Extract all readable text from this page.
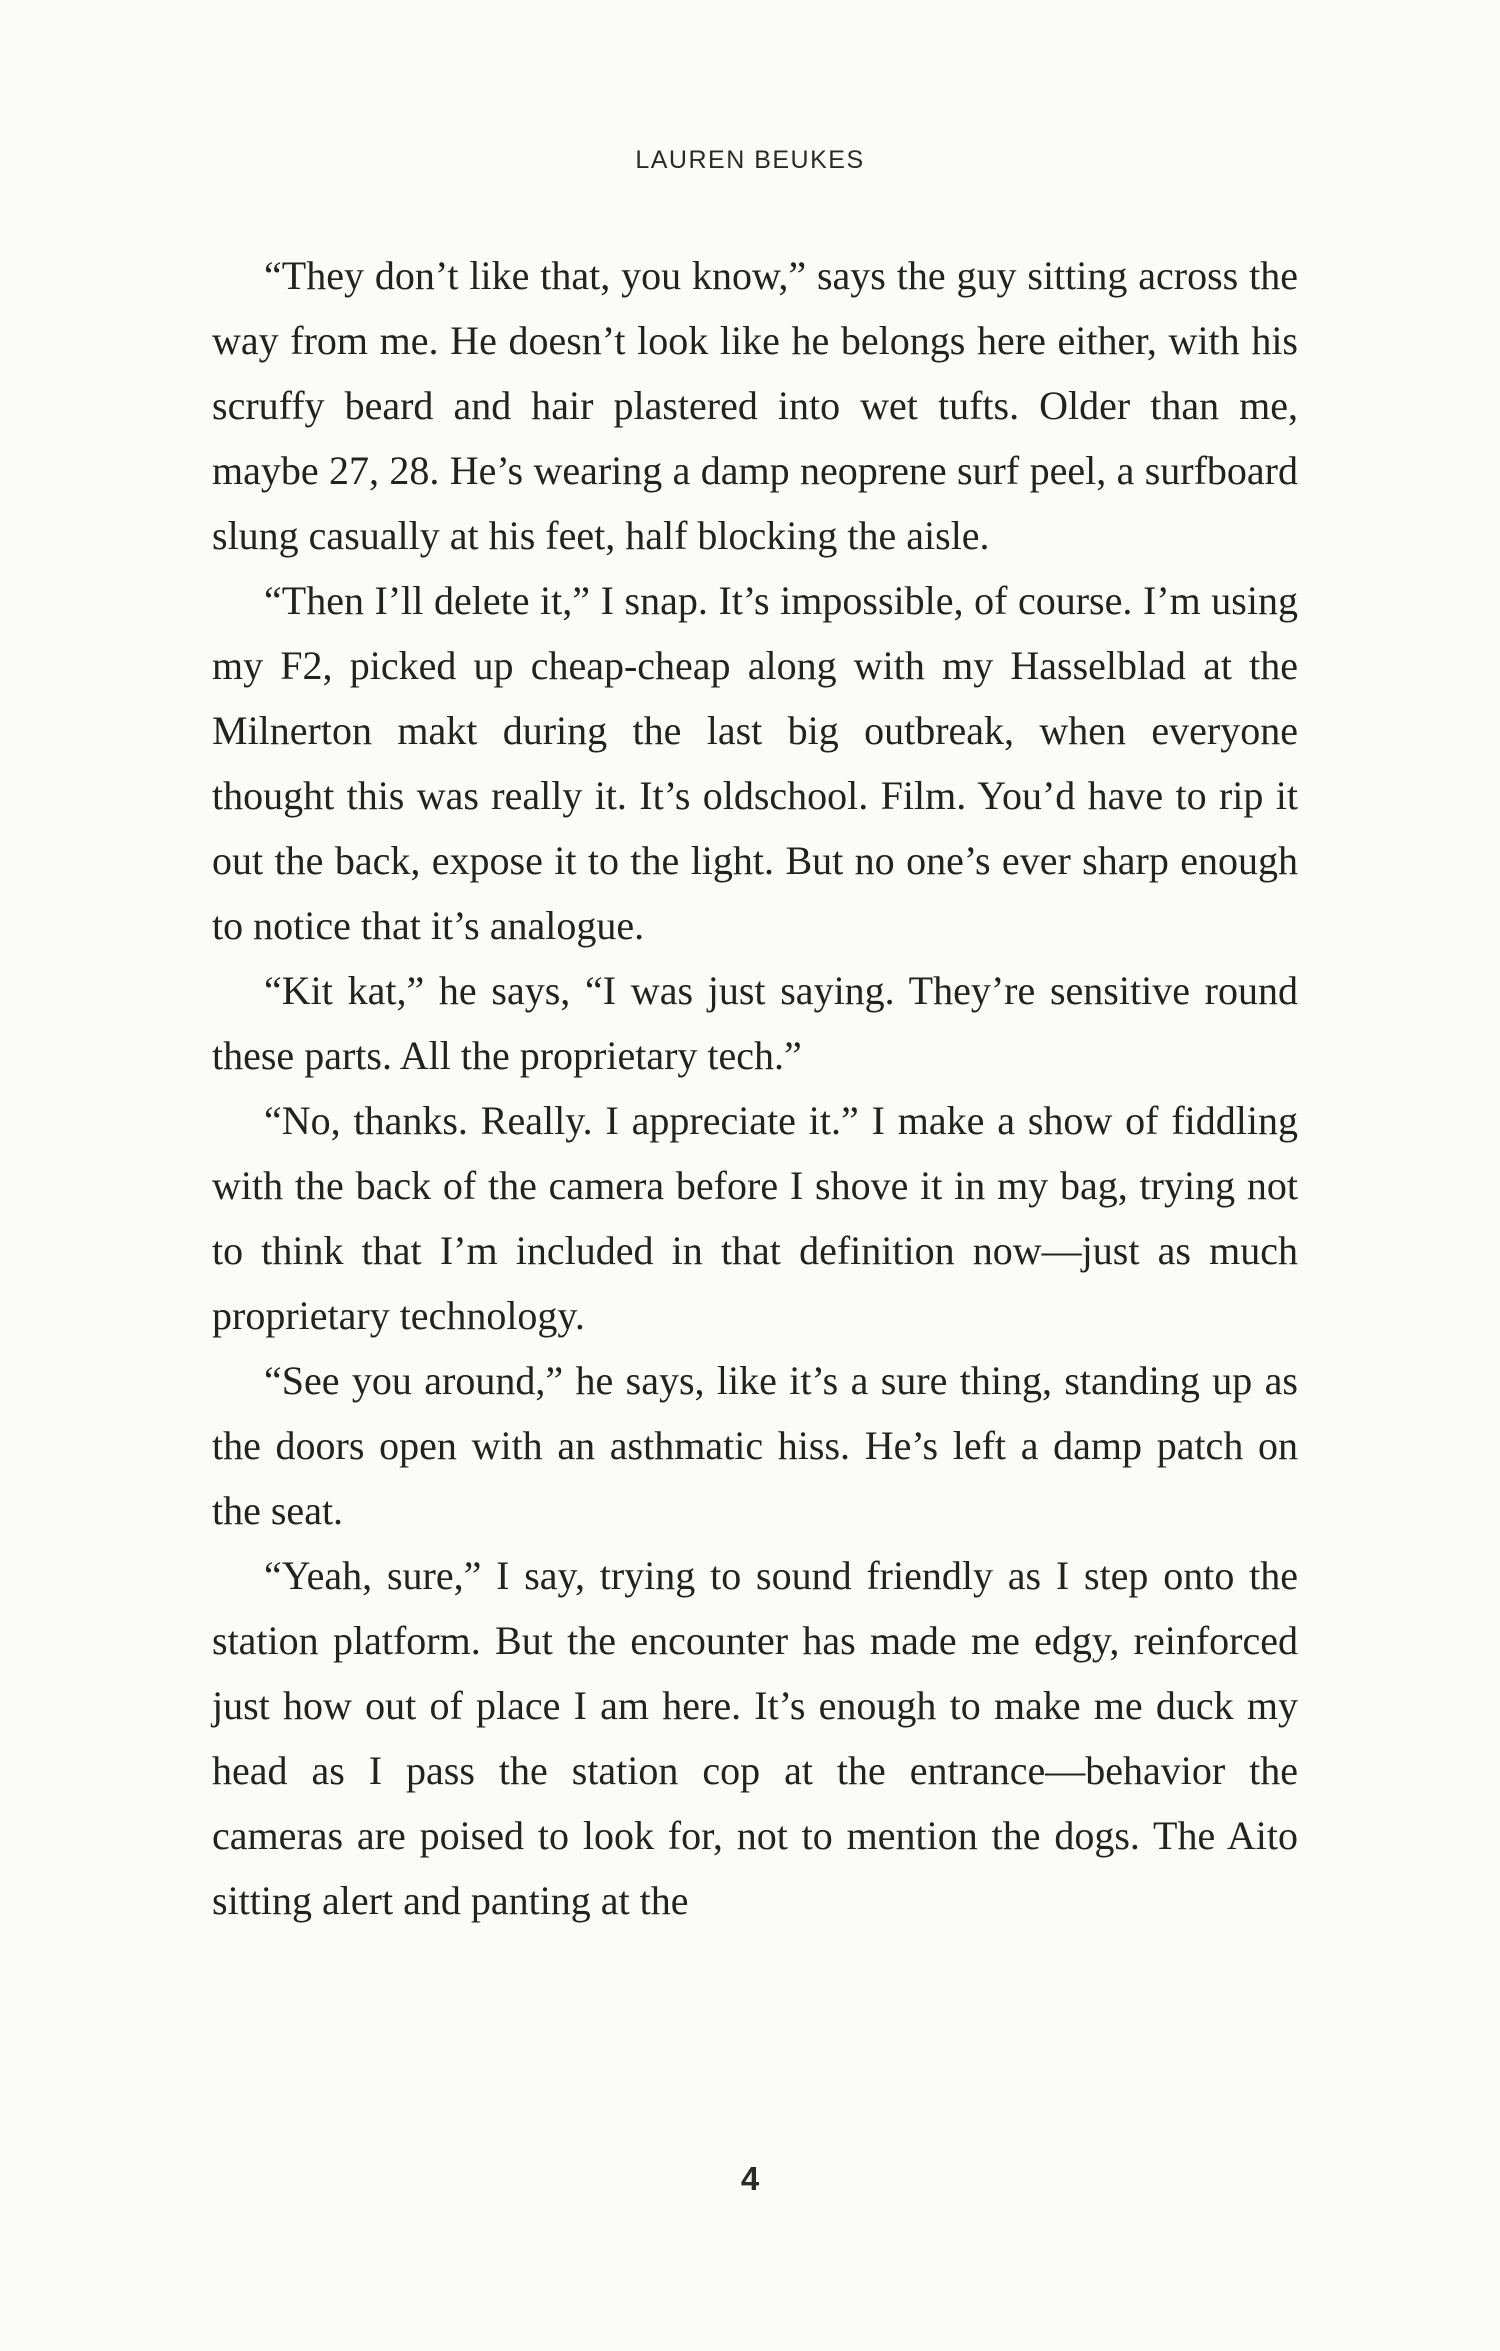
LAUREN BEUKES

“They don’t like that, you know,” says the guy sitting across the way from me. He doesn’t look like he belongs here either, with his scruffy beard and hair plastered into wet tufts. Older than me, maybe 27, 28. He’s wearing a damp neoprene surf peel, a surfboard slung casually at his feet, half blocking the aisle.

“Then I’ll delete it,” I snap. It’s impossible, of course. I’m using my F2, picked up cheap-cheap along with my Hasselblad at the Milnerton makt during the last big outbreak, when everyone thought this was really it. It’s oldschool. Film. You’d have to rip it out the back, expose it to the light. But no one’s ever sharp enough to notice that it’s analogue.

“Kit kat,” he says, “I was just saying. They’re sensitive round these parts. All the proprietary tech.”

“No, thanks. Really. I appreciate it.” I make a show of fiddling with the back of the camera before I shove it in my bag, trying not to think that I’m included in that definition now—just as much proprietary technology.

“See you around,” he says, like it’s a sure thing, standing up as the doors open with an asthmatic hiss. He’s left a damp patch on the seat.

“Yeah, sure,” I say, trying to sound friendly as I step onto the station platform. But the encounter has made me edgy, reinforced just how out of place I am here. It’s enough to make me duck my head as I pass the station cop at the entrance—behavior the cameras are poised to look for, not to mention the dogs. The Aito sitting alert and panting at the

4
